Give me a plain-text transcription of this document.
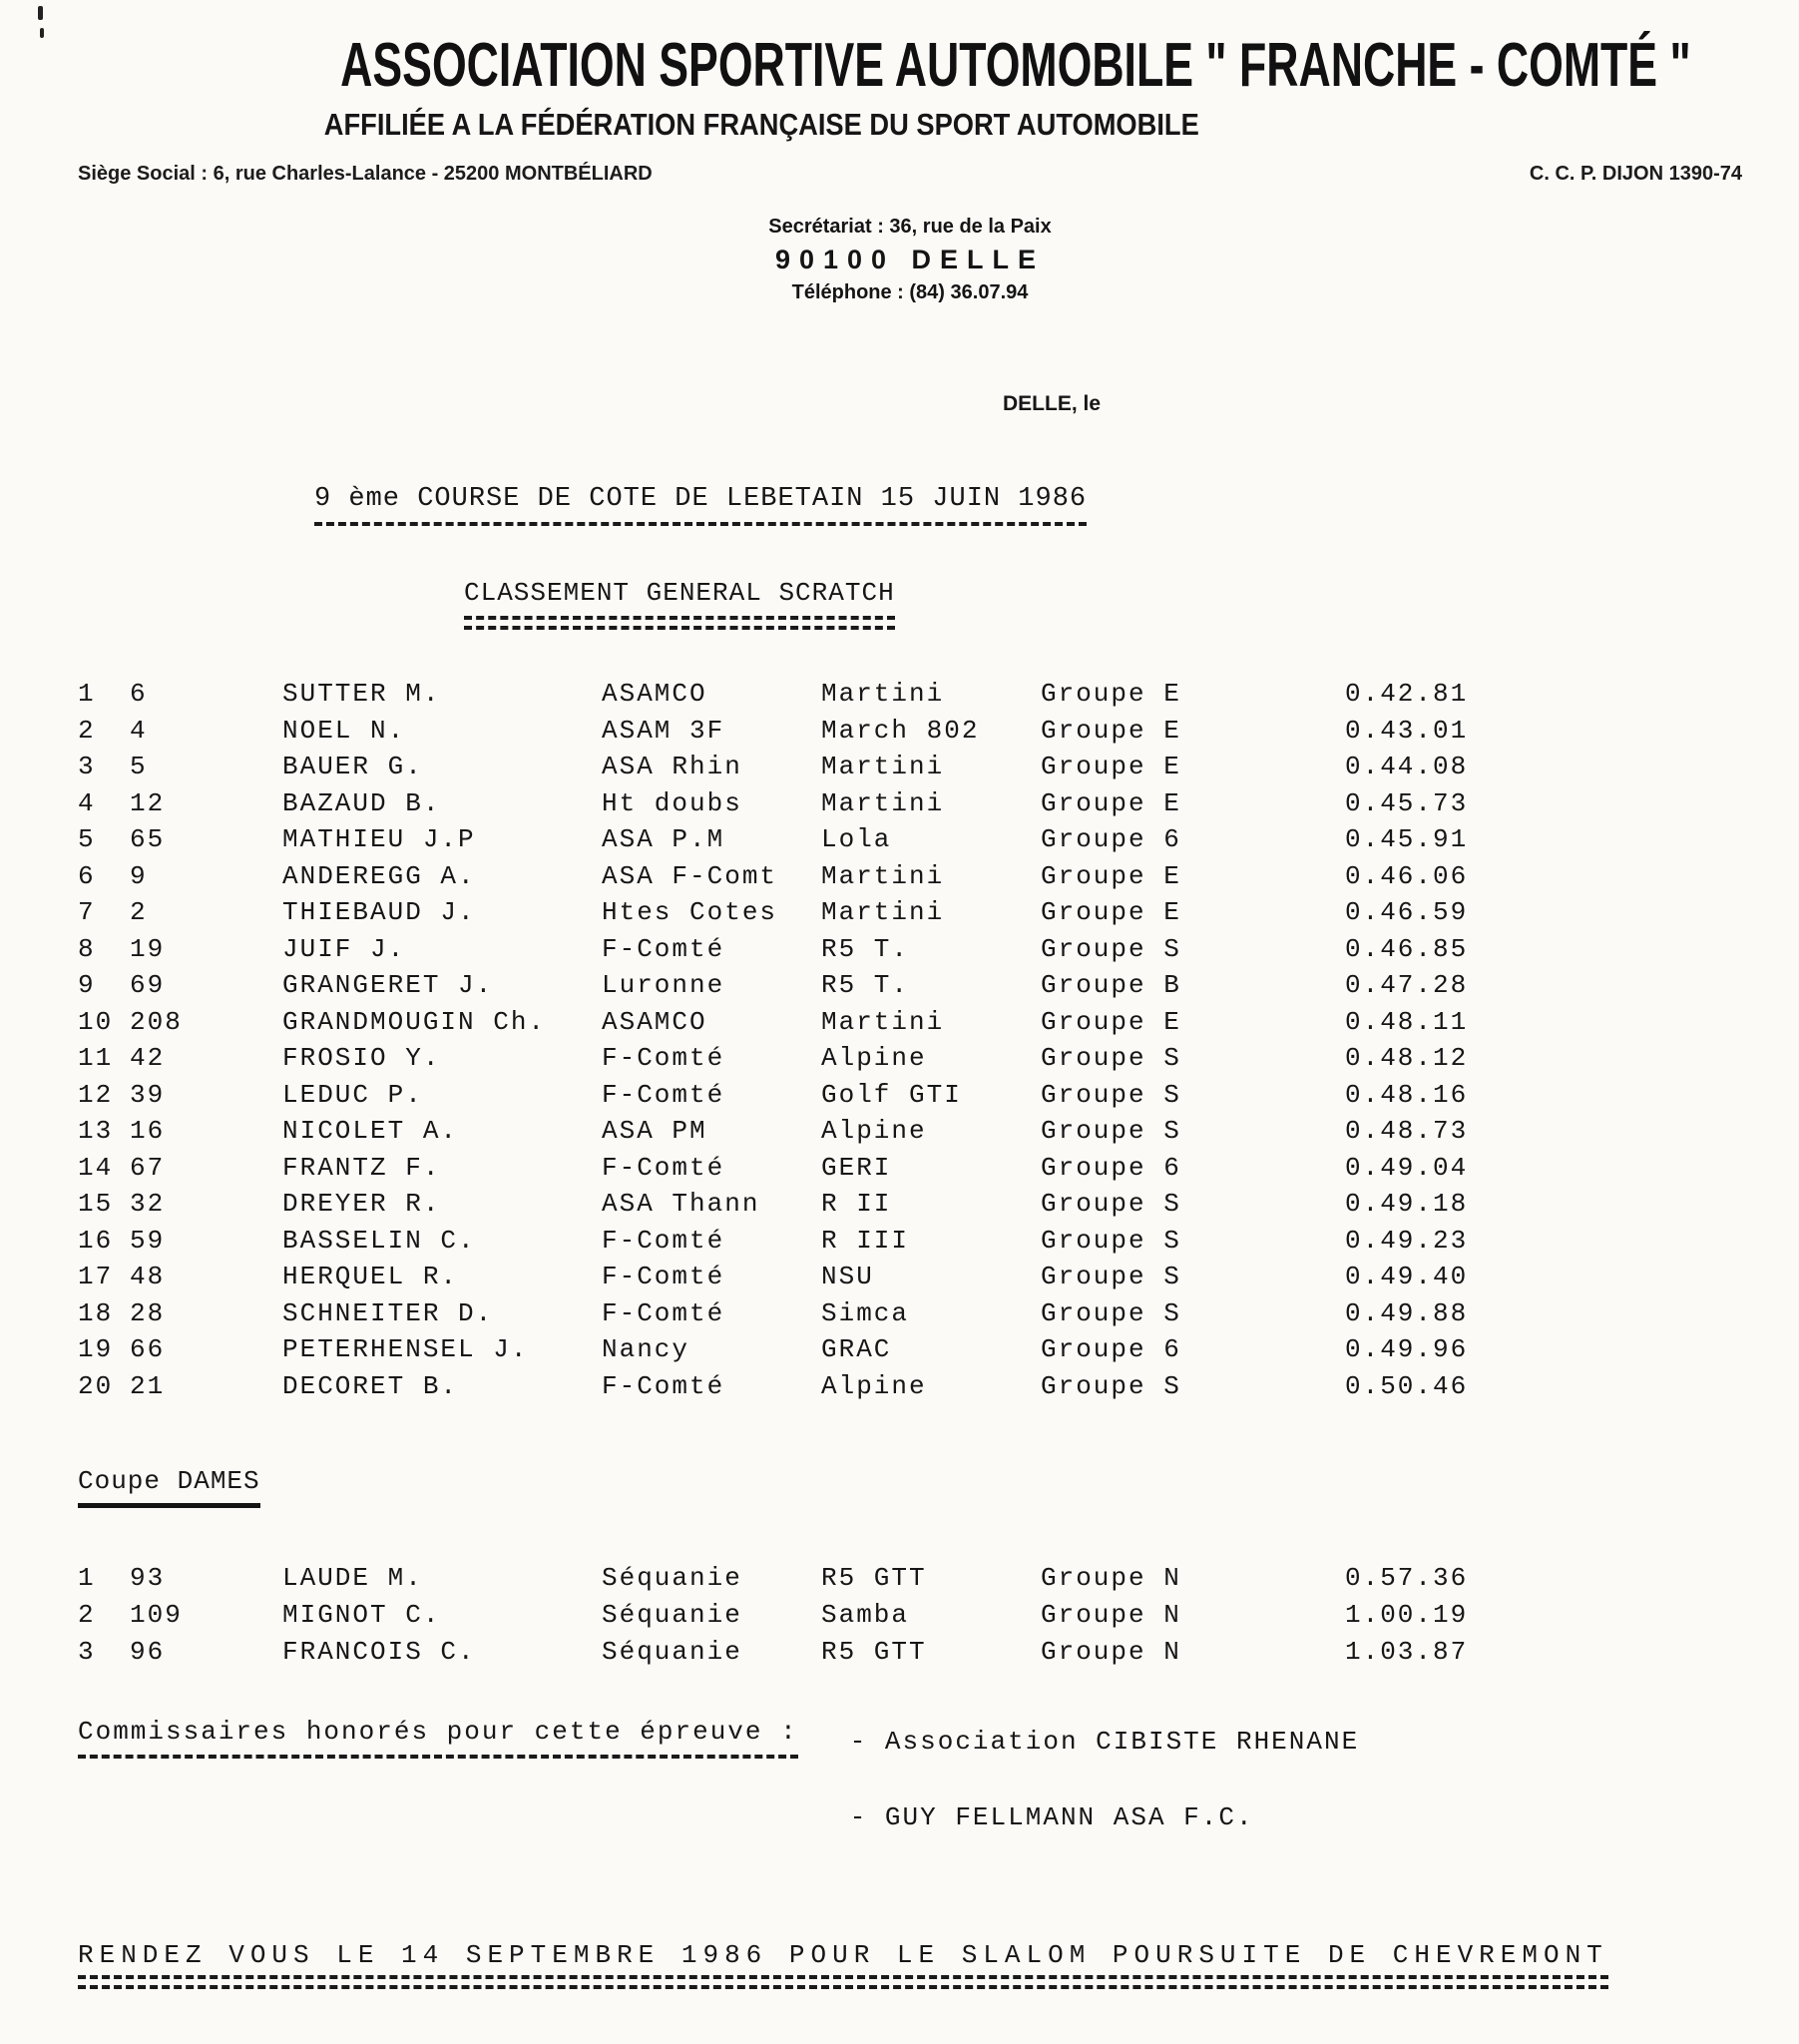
ASSOCIATION SPORTIVE AUTOMOBILE " FRANCHE - COMTÉ "
AFFILIÉE A LA FÉDÉRATION FRANÇAISE DU SPORT AUTOMOBILE
Siège Social : 6, rue Charles-Lalance - 25200 MONTBÉLIARD	C. C. P. DIJON 1390-74
Secrétariat : 36, rue de la Paix
90100 DELLE
Téléphone : (84) 36.07.94
DELLE, le
9 ème COURSE DE COTE DE LEBETAIN 15 JUIN 1986
CLASSEMENT GENERAL SCRATCH
1	6	SUTTER M.	ASAMCO	Martini	Groupe E	0.42.81
2	4	NOEL N.	ASAM 3F	March 802	Groupe E	0.43.01
3	5	BAUER G.	ASA Rhin	Martini	Groupe E	0.44.08
4	12	BAZAUD B.	Ht doubs	Martini	Groupe E	0.45.73
5	65	MATHIEU J.P	ASA P.M	Lola	Groupe 6	0.45.91
6	9	ANDEREGG A.	ASA F-Comt	Martini	Groupe E	0.46.06
7	2	THIEBAUD J.	Htes Cotes	Martini	Groupe E	0.46.59
8	19	JUIF J.	F-Comté	R5 T.	Groupe S	0.46.85
9	69	GRANGERET J.	Luronne	R5 T.	Groupe B	0.47.28
10 208	GRANDMOUGIN Ch.	ASAMCO	Martini	Groupe E	0.48.11
11 42	FROSIO Y.	F-Comté	Alpine	Groupe S	0.48.12
12 39	LEDUC P.	F-Comté	Golf GTI	Groupe S	0.48.16
13 16	NICOLET A.	ASA PM	Alpine	Groupe S	0.48.73
14 67	FRANTZ F.	F-Comté	GERI	Groupe 6	0.49.04
15 32	DREYER R.	ASA Thann	R II	Groupe S	0.49.18
16 59	BASSELIN C.	F-Comté	R III	Groupe S	0.49.23
17 48	HERQUEL R.	F-Comté	NSU	Groupe S	0.49.40
18 28	SCHNEITER D.	F-Comté	Simca	Groupe S	0.49.88
19 66	PETERHENSEL J.	Nancy	GRAC	Groupe 6	0.49.96
20 21	DECORET B.	F-Comté	Alpine	Groupe S	0.50.46
Coupe DAMES
1	93	LAUDE M.	Séquanie	R5 GTT	Groupe N	0.57.36
2	109	MIGNOT C.	Séquanie	Samba	Groupe N	1.00.19
3	96	FRANCOIS C.	Séquanie	R5 GTT	Groupe N	1.03.87
Commissaires honorés pour cette épreuve : - Association CIBISTE RHENANE
- GUY FELLMANN ASA F.C.
RENDEZ VOUS LE 14 SEPTEMBRE 1986 POUR LE SLALOM POURSUITE DE CHEVREMONT
